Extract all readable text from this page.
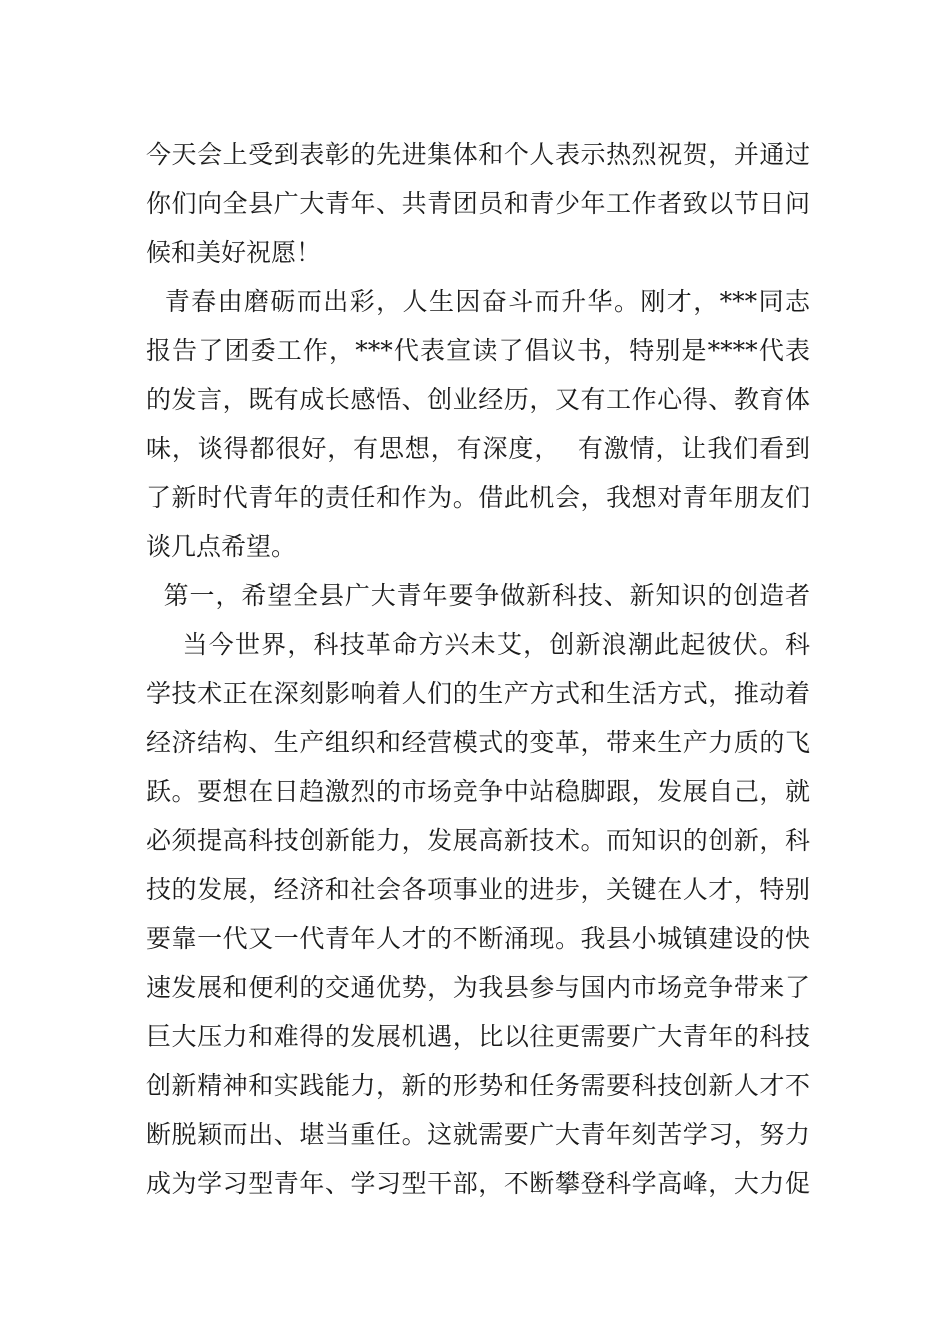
今天会上受到表彰的先进集体和个人表示热烈祝贺，并通过
你们向全县广大青年、共青团员和青少年工作者致以节日问
候和美好祝愿！
青春由磨砺而出彩，人生因奋斗而升华。刚才，***同志
报告了团委工作，***代表宣读了倡议书，特别是****代表
的发言，既有成长感悟、创业经历，又有工作心得、教育体
味，谈得都很好，有思想，有深度，  有激情，让我们看到
了新时代青年的责任和作为。借此机会，我想对青年朋友们
谈几点希望。
第一，希望全县广大青年要争做新科技、新知识的创造者
当今世界，科技革命方兴未艾，创新浪潮此起彼伏。科
学技术正在深刻影响着人们的生产方式和生活方式，推动着
经济结构、生产组织和经营模式的变革，带来生产力质的飞
跃。要想在日趋激烈的市场竞争中站稳脚跟，发展自己，就
必须提高科技创新能力，发展高新技术。而知识的创新，科
技的发展，经济和社会各项事业的进步，关键在人才，特别
要靠一代又一代青年人才的不断涌现。我县小城镇建设的快
速发展和便利的交通优势，为我县参与国内市场竞争带来了
巨大压力和难得的发展机遇，比以往更需要广大青年的科技
创新精神和实践能力，新的形势和任务需要科技创新人才不
断脱颖而出、堪当重任。这就需要广大青年刻苦学习，努力
成为学习型青年、学习型干部，不断攀登科学高峰，大力促
